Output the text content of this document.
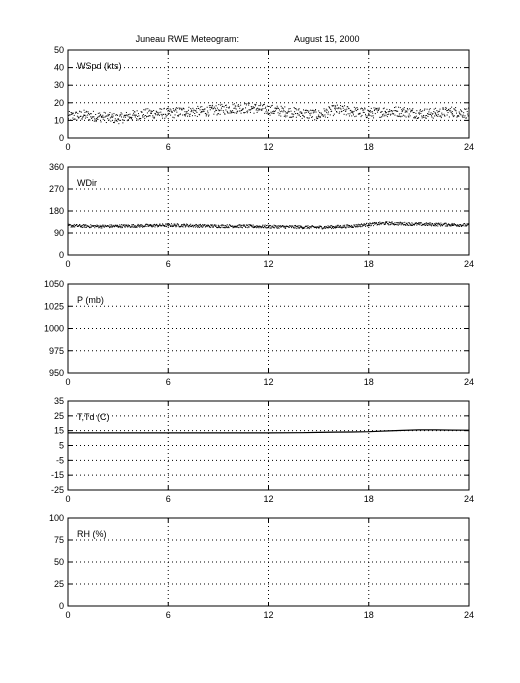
Juneau RWE Meteogram:	August 15, 2000
0	6	12	18	24
0
10
20
30
40
50
WSpd (kts)
0	6	12	18	24
0
90
180
270
360
WDir
0	6	12	18	24
950
975
1000
1025
1050
P (mb)
0	6	12	18	24
-25
-15
-5
5
15
25
35
T,Td (C)
0	6	12	18	24
0
25
50
75
100
RH (%)
